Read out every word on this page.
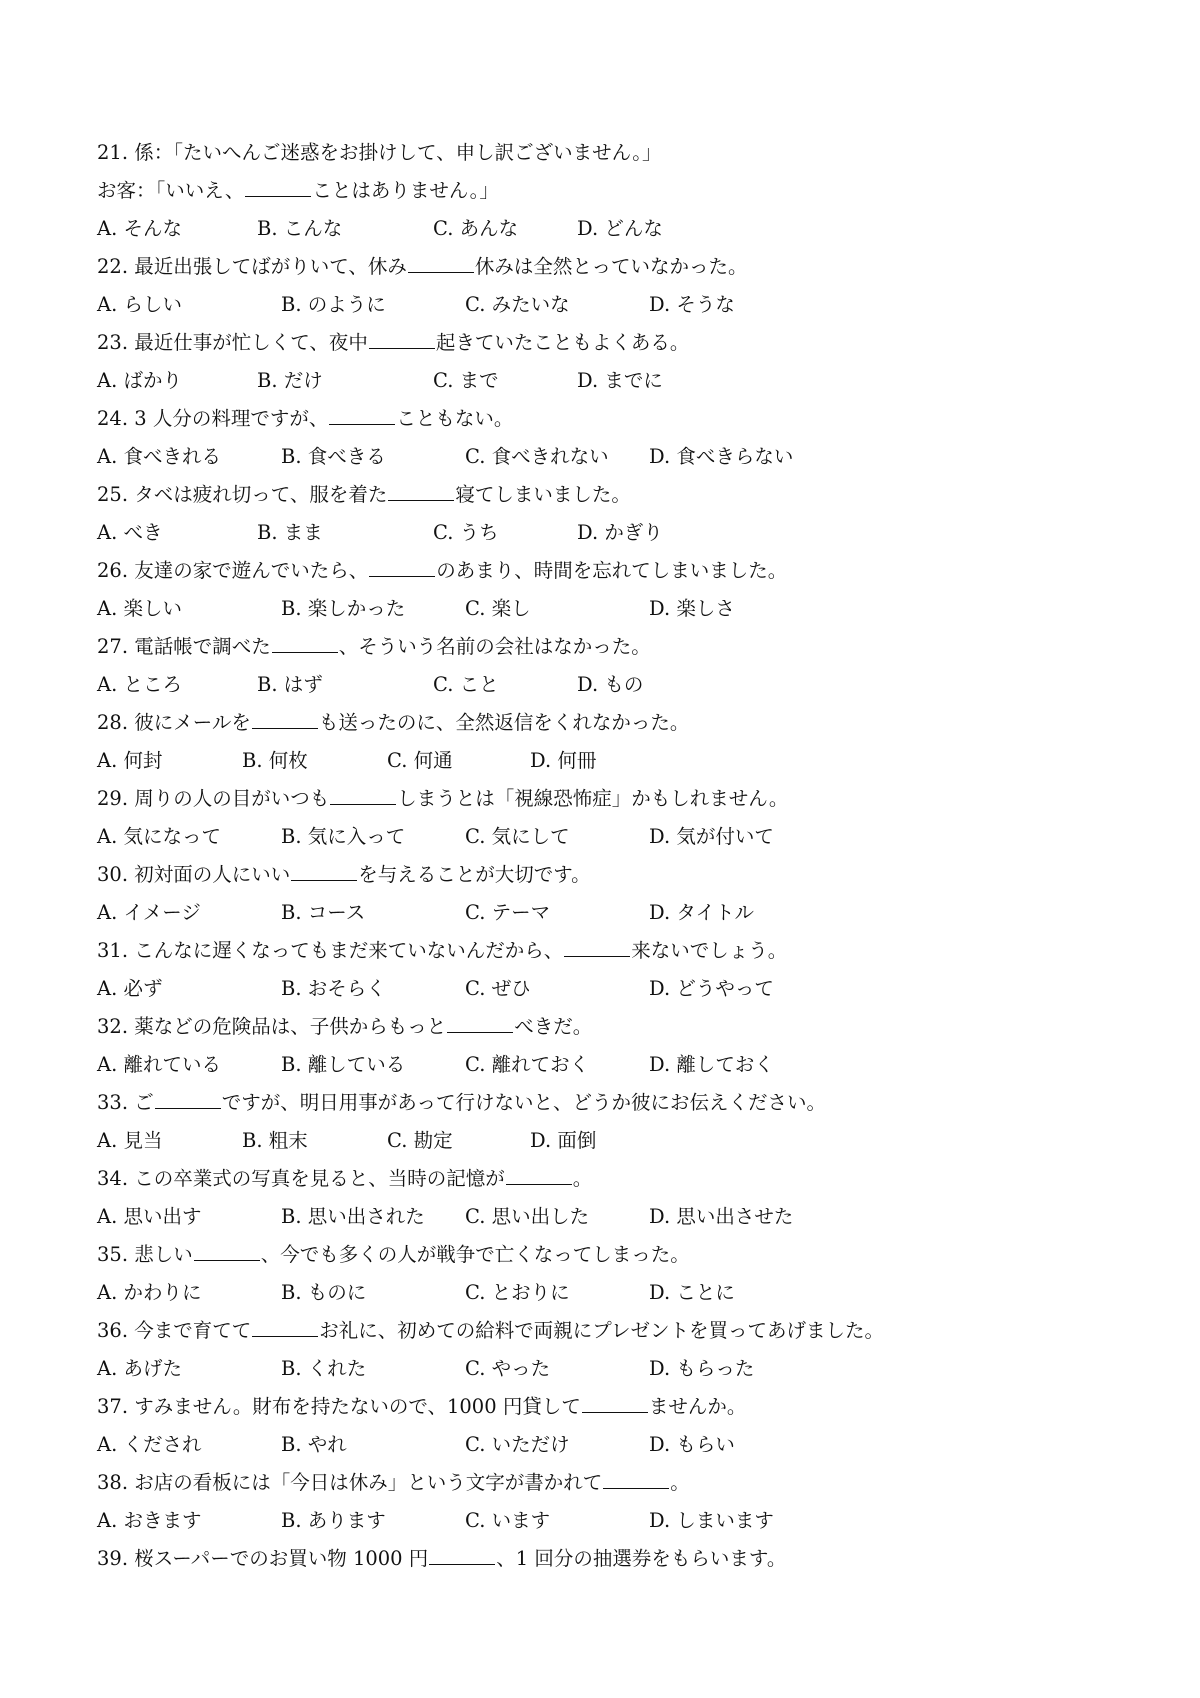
21. 係：「たいへんご迷惑をお掛けして、申し訳ございません。」
お客：「いいえ、	ことはありません。」
A. そんな	B. こんな	C. あんな	D. どんな
22. 最近出張してばがりいて、休み	休みは全然とっていなかった。
A. らしい	B. のように	C. みたいな	D. そうな
23. 最近仕事が忙しくて、夜中	起きていたこともよくある。
A. ばかり	B. だけ	C. まで	D. までに
24. 3 人分の料理ですが、	こともない。
A. 食べきれる	B. 食べきる	C. 食べきれない D. 食べきらない
25. タベは疲れ切って、服を着た	寝てしまいました。
A. べき	B. まま	C. うち	D. かぎり
26. 友達の家で遊んでいたら、	のあまり、時間を忘れてしまいました。
A. 楽しい	B. 楽しかった	C. 楽し	D. 楽しさ
27. 電話帳で調べた	、そういう名前の会社はなかった。
A. ところ	B. はず	C. こと	D. もの
28. 彼にメールを	も送ったのに、全然返信をくれなかった。
A. 何封	B. 何枚	C. 何通	D. 何冊
29. 周りの人の目がいつも	しまうとは「視線恐怖症」かもしれません。
A. 気になって	B. 気に入って	C. 気にして	D. 気が付いて
30. 初対面の人にいい	を与えることが大切です。
A. イメージ	B. コース	C. テーマ	D. タイトル
31. こんなに遅くなってもまだ来ていないんだから、	来ないでしょう。
A. 必ず	B. おそらく	C. ぜひ	D. どうやって
32. 薬などの危険品は、子供からもっと	べきだ。
A. 離れている	B. 離している	C. 離れておく	D. 離しておく
33. ご	ですが、明日用事があって行けないと、どうか彼にお伝えください。
A. 見当	B. 粗末	C. 勘定	D. 面倒
34. この卒業式の写真を見ると、当時の記憶が	。
A. 思い出す	B. 思い出された C. 思い出した	D. 思い出させた
35. 悲しい	、今でも多くの人が戦争で亡くなってしまった。
A. かわりに	B. ものに	C. とおりに	D. ことに
36. 今まで育てて	お礼に、初めての給料で両親にプレゼントを買ってあげました。
A. あげた	B. くれた	C. やった	D. もらった
37. すみません。財布を持たないので、1000 円貸して	ませんか。
A. くだされ	B. やれ	C. いただけ	D. もらい
38. お店の看板には「今日は休み」という文字が書かれて	。
A. おきます	B. あります	C. います	D. しまいます
39. 桜スーパーでのお買い物 1000 円	、1 回分の抽選券をもらいます。
